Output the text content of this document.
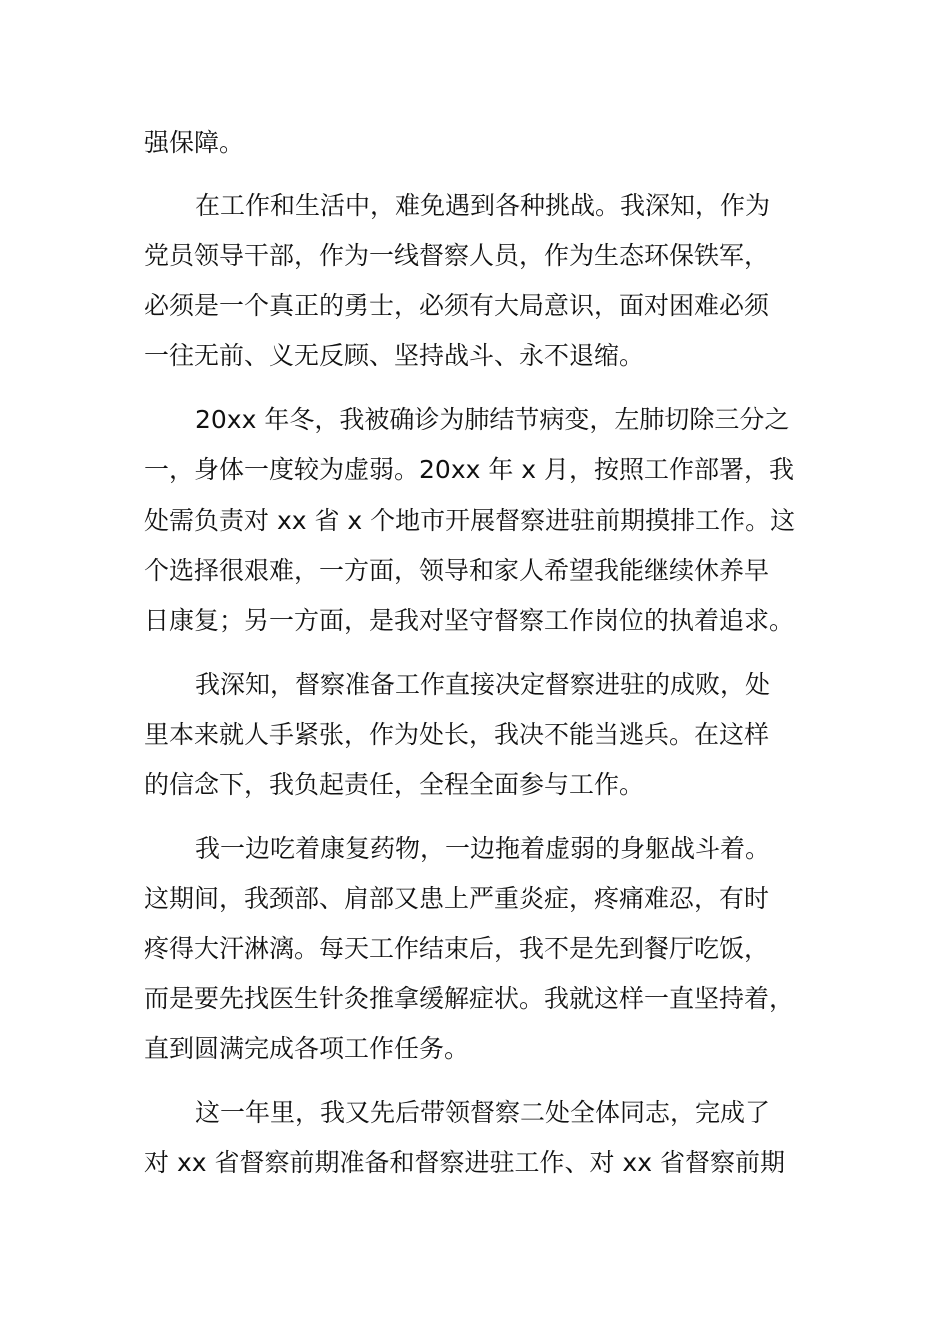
强保障。
在工作和生活中，难免遇到各种挑战。我深知，作为
党员领导干部，作为一线督察人员，作为生态环保铁军，
必须是一个真正的勇士，必须有大局意识，面对困难必须
一往无前、义无反顾、坚持战斗、永不退缩。
20xx 年冬，我被确诊为肺结节病变，左肺切除三分之
一，身体一度较为虚弱。20xx 年 x 月，按照工作部署，我
处需负责对 xx 省 x 个地市开展督察进驻前期摸排工作。这
个选择很艰难，一方面，领导和家人希望我能继续休养早
日康复；另一方面，是我对坚守督察工作岗位的执着追求。
我深知，督察准备工作直接决定督察进驻的成败，处
里本来就人手紧张，作为处长，我决不能当逃兵。在这样
的信念下，我负起责任，全程全面参与工作。
我一边吃着康复药物，一边拖着虚弱的身躯战斗着。
这期间，我颈部、肩部又患上严重炎症，疼痛难忍，有时
疼得大汗淋漓。每天工作结束后，我不是先到餐厅吃饭，
而是要先找医生针灸推拿缓解症状。我就这样一直坚持着，
直到圆满完成各项工作任务。
这一年里，我又先后带领督察二处全体同志，完成了
对 xx 省督察前期准备和督察进驻工作、对 xx 省督察前期
